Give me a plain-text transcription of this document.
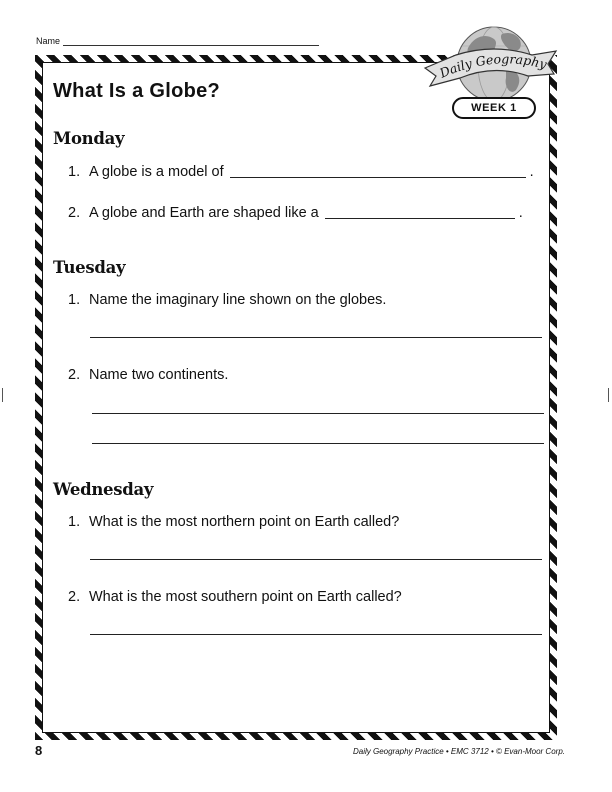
Name
What Is a Globe?
Daily Geography
WEEK 1
Monday
1. A globe is a model of	.
2. A globe and Earth are shaped like a	.
Tuesday
1. Name the imaginary line shown on the globes.
2. Name two continents.
Wednesday
1. What is the most northern point on Earth called?
2. What is the most southern point on Earth called?
8	Daily Geography Practice • EMC 3712 • © Evan-Moor Corp.
